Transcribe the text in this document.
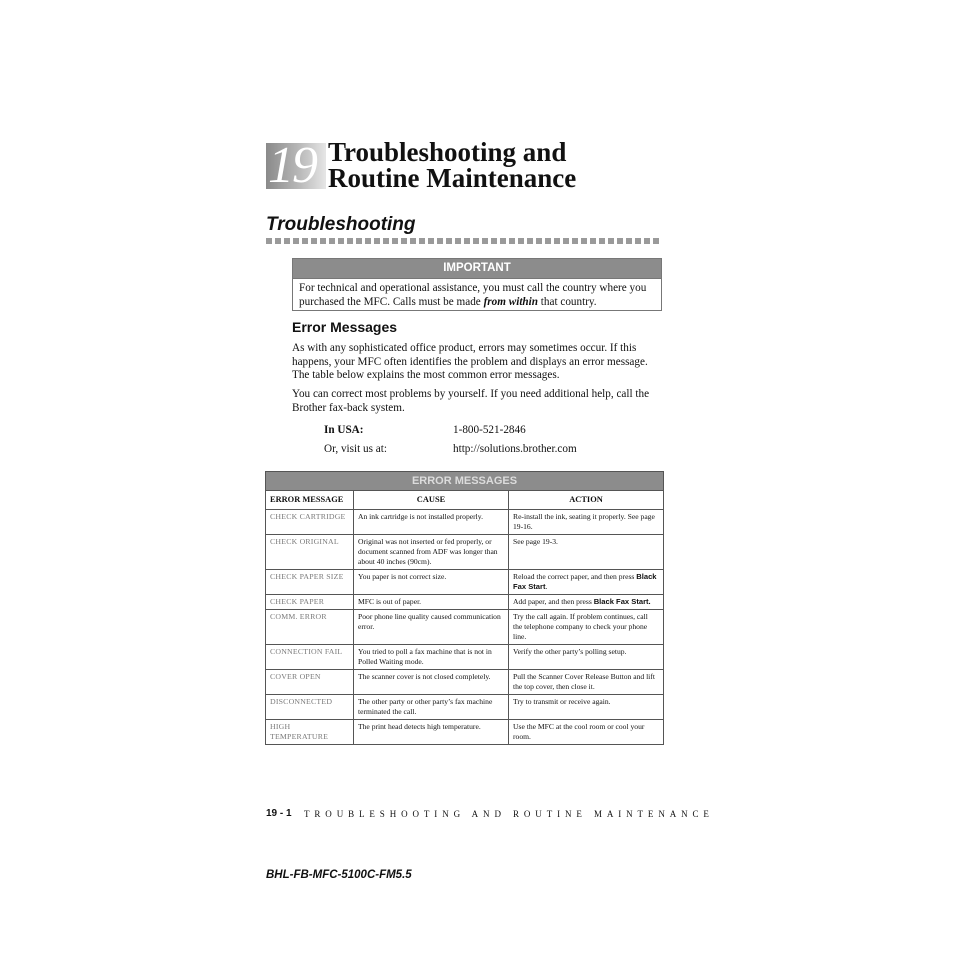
19 Troubleshooting and
Routine Maintenance
Troubleshooting
IMPORTANT
For technical and operational assistance, you must call the country where you purchased the MFC. Calls must be made from within that country.
Error Messages
As with any sophisticated office product, errors may sometimes occur. If this happens, your MFC often identifies the problem and displays an error message. The table below explains the most common error messages.
You can correct most problems by yourself. If you need additional help, call the Brother fax-back system.
In USA:	1-800-521-2846
Or, visit us at:	http://solutions.brother.com
ERROR MESSAGES		
ERROR MESSAGE	CAUSE	ACTION
CHECK CARTRIDGE	An ink cartridge is not installed properly.	Re-install the ink, seating it properly. See page 19-16.
CHECK ORIGINAL	Original was not inserted or fed properly, or document scanned from ADF was longer than about 40 inches (90cm).	See page 19-3.
CHECK PAPER SIZE	You paper is not correct size.	Reload the correct paper, and then press Black Fax Start.
CHECK PAPER	MFC is out of paper.	Add paper, and then press Black Fax Start.
COMM. ERROR	Poor phone line quality caused communication error.	Try the call again. If problem continues, call the telephone company to check your phone line.
CONNECTION FAIL	You tried to poll a fax machine that is not in Polled Waiting mode.	Verify the other party’s polling setup.
COVER OPEN	The scanner cover is not closed completely.	Pull the Scanner Cover Release Button and lift the top cover, then close it.
DISCONNECTED	The other party or other party’s fax machine terminated the call.	Try to transmit or receive again.
HIGH TEMPERATURE	The print head detects high temperature.	Use the MFC at the cool room or cool your room.
19 - 1 TROUBLESHOOTING AND ROUTINE MAINTENANCE
BHL-FB-MFC-5100C-FM5.5
